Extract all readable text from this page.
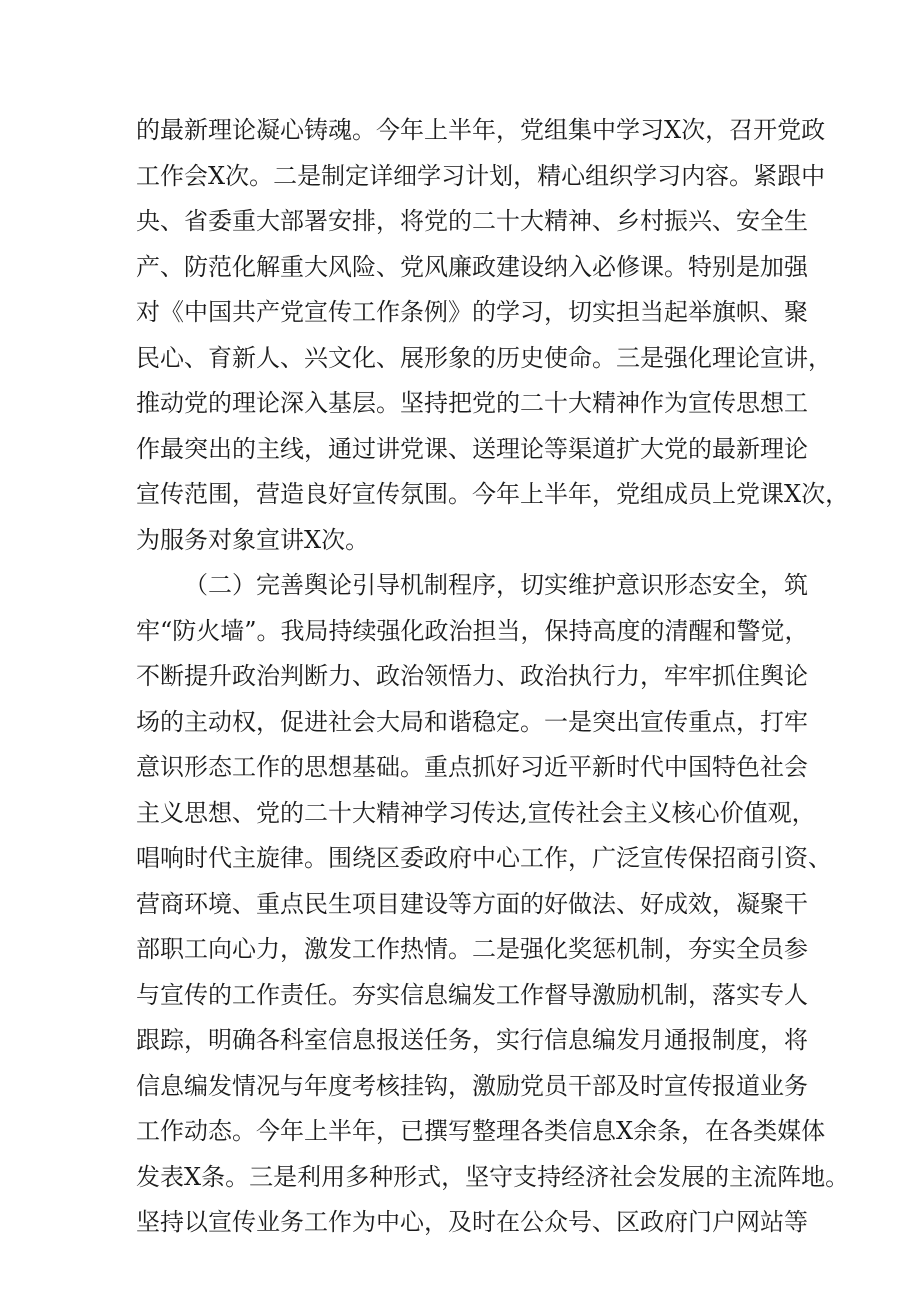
的最新理论凝心铸魂。今年上半年，党组集中学习X次，召开党政
工作会X次。二是制定详细学习计划，精心组织学习内容。紧跟中
央、省委重大部署安排，将党的二十大精神、乡村振兴、安全生
产、防范化解重大风险、党风廉政建设纳入必修课。特别是加强
对《中国共产党宣传工作条例》的学习，切实担当起举旗帜、聚
民心、育新人、兴文化、展形象的历史使命。三是强化理论宣讲，
推动党的理论深入基层。坚持把党的二十大精神作为宣传思想工
作最突出的主线，通过讲党课、送理论等渠道扩大党的最新理论
宣传范围，营造良好宣传氛围。今年上半年，党组成员上党课X次，
为服务对象宣讲X次。

（二）完善舆论引导机制程序，切实维护意识形态安全，筑
牢“防火墙”。我局持续强化政治担当，保持高度的清醒和警觉，
不断提升政治判断力、政治领悟力、政治执行力，牢牢抓住舆论
场的主动权，促进社会大局和谐稳定。一是突出宣传重点，打牢
意识形态工作的思想基础。重点抓好习近平新时代中国特色社会
主义思想、党的二十大精神学习传达,宣传社会主义核心价值观，
唱响时代主旋律。围绕区委政府中心工作，广泛宣传保招商引资、
营商环境、重点民生项目建设等方面的好做法、好成效，凝聚干
部职工向心力，激发工作热情。二是强化奖惩机制，夯实全员参
与宣传的工作责任。夯实信息编发工作督导激励机制，落实专人
跟踪，明确各科室信息报送任务，实行信息编发月通报制度，将
信息编发情况与年度考核挂钩，激励党员干部及时宣传报道业务
工作动态。今年上半年，已撰写整理各类信息X余条，在各类媒体
发表X条。三是利用多种形式，坚守支持经济社会发展的主流阵地。
坚持以宣传业务工作为中心，及时在公众号、区政府门户网站等
